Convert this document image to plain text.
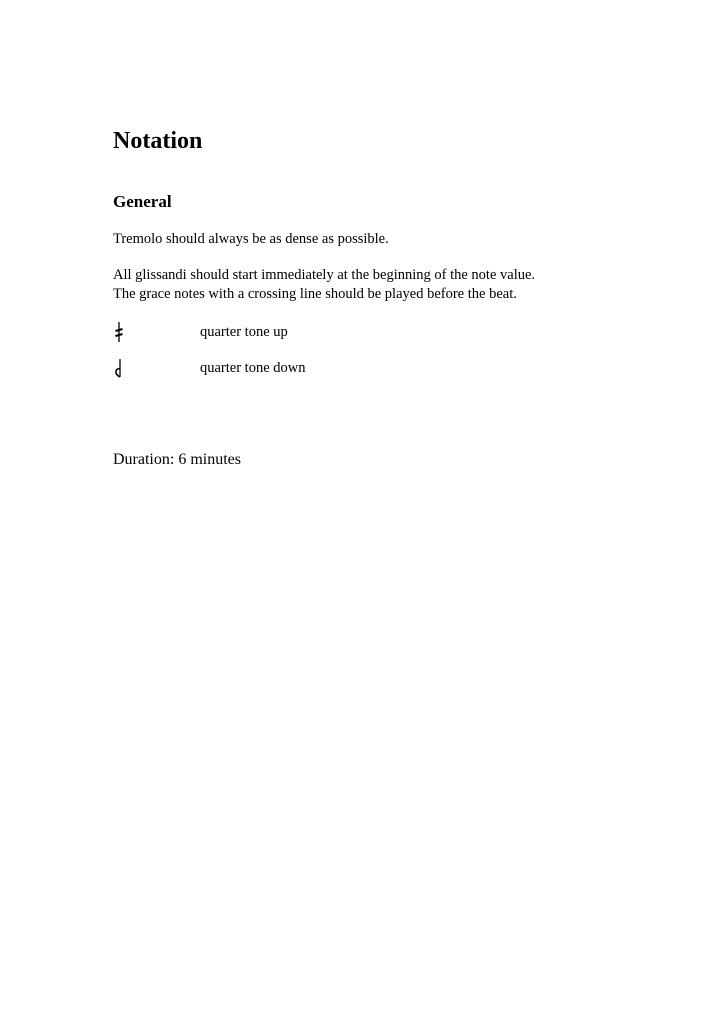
Notation
General

Tremolo should always be as dense as possible.

All glissandi should start immediately at the beginning of the note value.
The grace notes with a crossing line should be played before the beat.
quarter tone up
quarter tone down

Duration: 6 minutes
